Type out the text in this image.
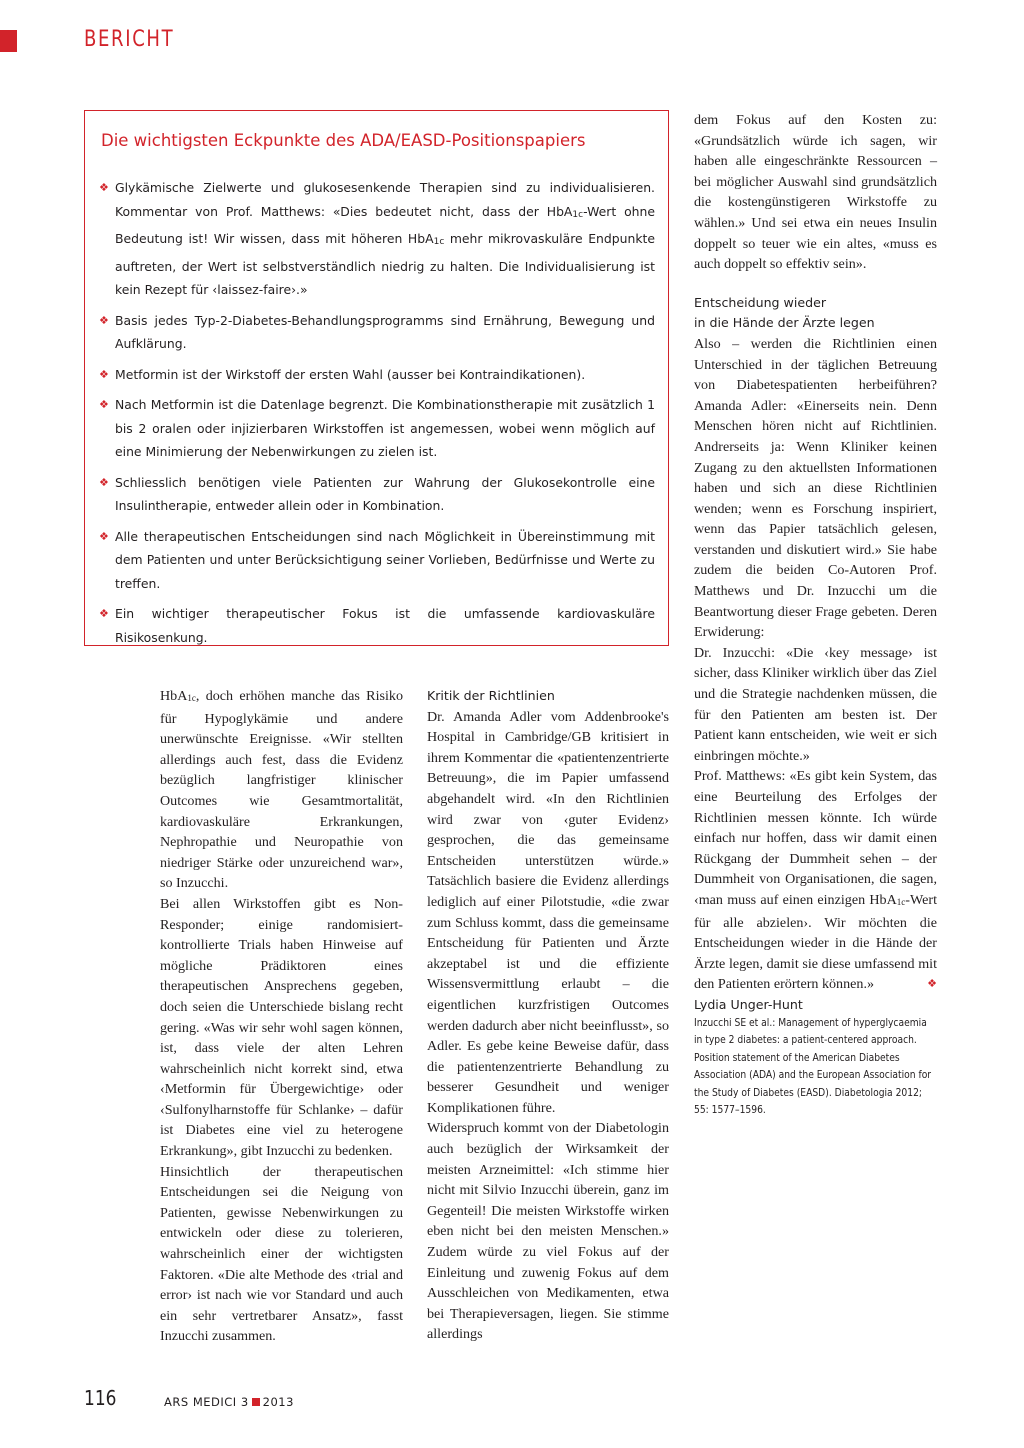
BERICHT
Die wichtigsten Eckpunkte des ADA/EASD-Positionspapiers
❖ Glykämische Zielwerte und glukosesenkende Therapien sind zu individualisieren. Kommentar von Prof. Matthews: «Dies bedeutet nicht, dass der HbA1c-Wert ohne Bedeutung ist! Wir wissen, dass mit höheren HbA1c mehr mikrovaskuläre Endpunkte auftreten, der Wert ist selbstverständlich niedrig zu halten. Die Individualisierung ist kein Rezept für ‹laissez-faire›.»
❖ Basis jedes Typ-2-Diabetes-Behandlungsprogramms sind Ernährung, Bewegung und Aufklärung.
❖ Metformin ist der Wirkstoff der ersten Wahl (ausser bei Kontraindikationen).
❖ Nach Metformin ist die Datenlage begrenzt. Die Kombinationstherapie mit zusätzlich 1 bis 2 oralen oder injizierbaren Wirkstoffen ist angemessen, wobei wenn möglich auf eine Minimierung der Nebenwirkungen zu zielen ist.
❖ Schliesslich benötigen viele Patienten zur Wahrung der Glukosekontrolle eine Insulintherapie, entweder allein oder in Kombination.
❖ Alle therapeutischen Entscheidungen sind nach Möglichkeit in Übereinstimmung mit dem Patienten und unter Berücksichtigung seiner Vorlieben, Bedürfnisse und Werte zu treffen.
❖ Ein wichtiger therapeutischer Fokus ist die umfassende kardiovaskuläre Risikosenkung.

HbA1c, doch erhöhen manche das Risiko für Hypoglykämie und andere unerwünschte Ereignisse. «Wir stellten allerdings auch fest, dass die Evidenz bezüglich langfristiger klinischer Outcomes wie Gesamtmortalität, kardiovaskuläre Erkrankungen, Nephropathie und Neuropathie von niedriger Stärke oder unzureichend war», so Inzucchi.

Bei allen Wirkstoffen gibt es Non-Responder; einige randomisiert-kontrollierte Trials haben Hinweise auf mögliche Prädiktoren eines therapeutischen Ansprechens gegeben, doch seien die Unterschiede bislang recht gering. «Was wir sehr wohl sagen können, ist, dass viele der alten Lehren wahrscheinlich nicht korrekt sind, etwa ‹Metformin für Übergewichtige› oder ‹Sulfonylharnstoffe für Schlanke› – dafür ist Diabetes eine viel zu heterogene Erkrankung», gibt Inzucchi zu bedenken.

Hinsichtlich der therapeutischen Entscheidungen sei die Neigung von Patienten, gewisse Nebenwirkungen zu entwickeln oder diese zu tolerieren, wahrscheinlich einer der wichtigsten Faktoren. «Die alte Methode des ‹trial and error› ist nach wie vor Standard und auch ein sehr vertretbarer Ansatz», fasst Inzucchi zusammen.

Kritik der Richtlinien

Dr. Amanda Adler vom Addenbrooke's Hospital in Cambridge/GB kritisiert in ihrem Kommentar die «patientenzentrierte Betreuung», die im Papier umfassend abgehandelt wird. «In den Richtlinien wird zwar von ‹guter Evidenz› gesprochen, die das gemeinsame Entscheiden unterstützen würde.» Tatsächlich basiere die Evidenz allerdings lediglich auf einer Pilotstudie, «die zwar zum Schluss kommt, dass die gemeinsame Entscheidung für Patienten und Ärzte akzeptabel ist und die effiziente Wissensvermittlung erlaubt – die eigentlichen kurzfristigen Outcomes werden dadurch aber nicht beeinflusst», so Adler. Es gebe keine Beweise dafür, dass die patientenzentrierte Behandlung zu besserer Gesundheit und weniger Komplikationen führe.

Widerspruch kommt von der Diabetologin auch bezüglich der Wirksamkeit der meisten Arzneimittel: «Ich stimme hier nicht mit Silvio Inzucchi überein, ganz im Gegenteil! Die meisten Wirkstoffe wirken eben nicht bei den meisten Menschen.» Zudem würde zu viel Fokus auf der Einleitung und zuwenig Fokus auf dem Ausschleichen von Medikamenten, etwa bei Therapieversagen, liegen. Sie stimme allerdings

dem Fokus auf den Kosten zu: «Grundsätzlich würde ich sagen, wir haben alle eingeschränkte Ressourcen – bei möglicher Auswahl sind grundsätzlich die kostengünstigeren Wirkstoffe zu wählen.» Und sei etwa ein neues Insulin doppelt so teuer wie ein altes, «muss es auch doppelt so effektiv sein».

Entscheidung wieder

in die Hände der Ärzte legen

Also – werden die Richtlinien einen Unterschied in der täglichen Betreuung von Diabetespatienten herbeiführen? Amanda Adler: «Einerseits nein. Denn Menschen hören nicht auf Richtlinien. Andrerseits ja: Wenn Kliniker keinen Zugang zu den aktuellsten Informationen haben und sich an diese Richtlinien wenden; wenn es Forschung inspiriert, wenn das Papier tatsächlich gelesen, verstanden und diskutiert wird.» Sie habe zudem die beiden Co-Autoren Prof. Matthews und Dr. Inzucchi um die Beantwortung dieser Frage gebeten. Deren Erwiderung:

Dr. Inzucchi: «Die ‹key message› ist sicher, dass Kliniker wirklich über das Ziel und die Strategie nachdenken müssen, die für den Patienten am besten ist. Der Patient kann entscheiden, wie weit er sich einbringen möchte.»

Prof. Matthews: «Es gibt kein System, das eine Beurteilung des Erfolges der Richtlinien messen könnte. Ich würde einfach nur hoffen, dass wir damit einen Rückgang der Dummheit sehen – der Dummheit von Organisationen, die sagen, ‹man muss auf einen einzigen HbA1c-Wert für alle abzielen›. Wir möchten die Entscheidungen wieder in die Hände der Ärzte legen, damit sie diese umfassend mit den Patienten erörtern können.»	❖

Lydia Unger-Hunt

Inzucchi SE et al.: Management of hyperglycaemia in type 2 diabetes: a patient-centered approach. Position statement of the American Diabetes Association (ADA) and the European Association for the Study of Diabetes (EASD). Diabetologia 2012; 55: 1577–1596.

116	ARS MEDICI 3 2013
